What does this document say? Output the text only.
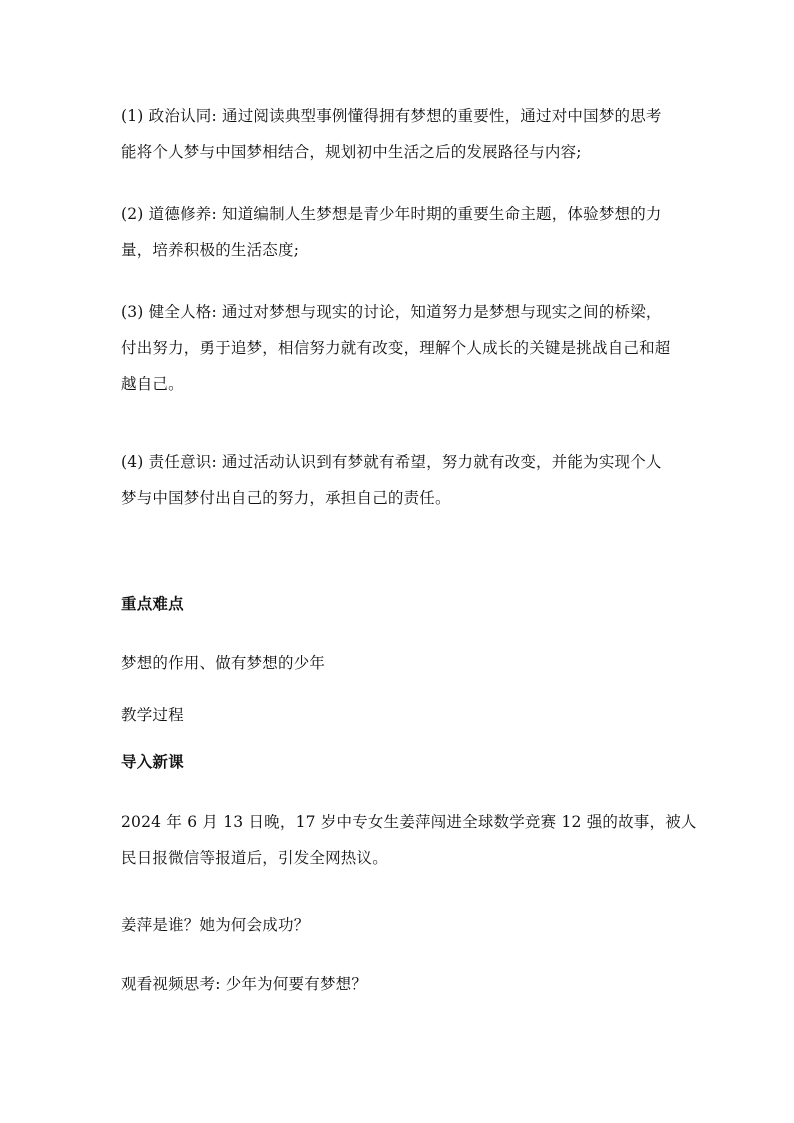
(1) 政治认同: 通过阅读典型事例懂得拥有梦想的重要性，通过对中国梦的思考
能将个人梦与中国梦相结合，规划初中生活之后的发展路径与内容;
(2) 道德修养: 知道编制人生梦想是青少年时期的重要生命主题，体验梦想的力
量，培养积极的生活态度;
(3) 健全人格: 通过对梦想与现实的讨论，知道努力是梦想与现实之间的桥梁，
付出努力，勇于追梦，相信努力就有改变，理解个人成长的关键是挑战自己和超
越自己。
(4) 责任意识: 通过活动认识到有梦就有希望，努力就有改变，并能为实现个人
梦与中国梦付出自己的努力，承担自己的责任。
重点难点
梦想的作用、做有梦想的少年
教学过程
导入新课
2024 年 6 月 13 日晚，17 岁中专女生姜萍闯进全球数学竞赛 12 强的故事，被人
民日报微信等报道后，引发全网热议。
姜萍是谁？她为何会成功？
观看视频思考: 少年为何要有梦想？
